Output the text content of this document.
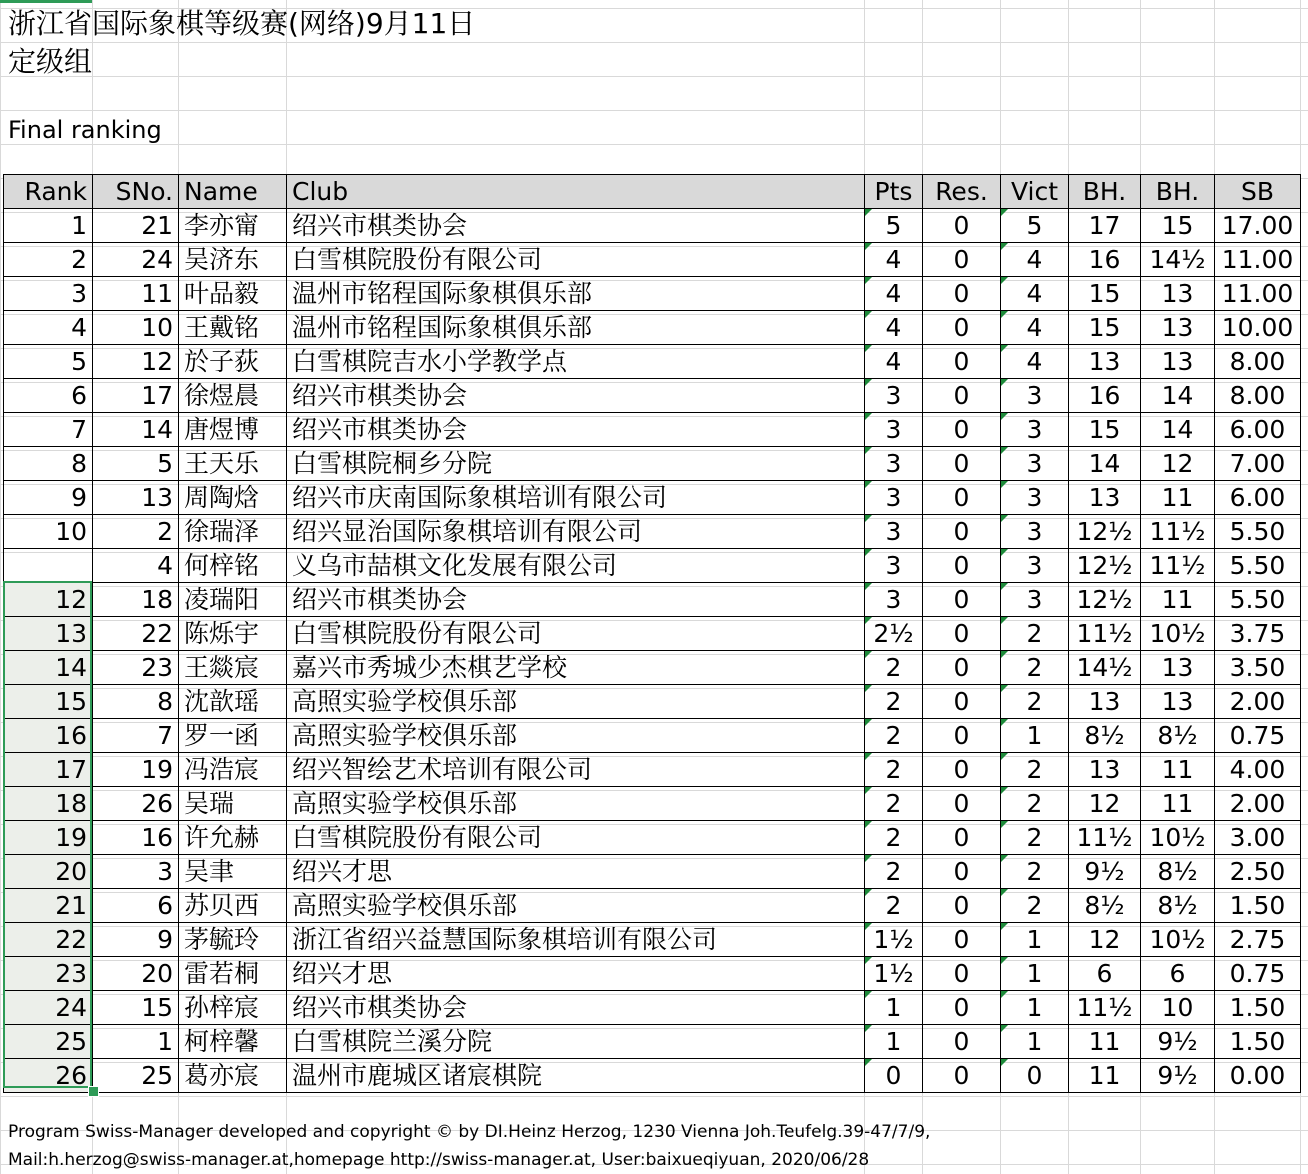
浙江省国际象棋等级赛(网络)9月11日
定级组
Final ranking
Rank	SNo.	Name	Club	Pts	Res.	Vict	BH.	BH.	SB
1	21	李亦甯	绍兴市棋类协会	5	0	5	17	15	17.00
2	24	吴济东	白雪棋院股份有限公司	4	0	4	16	14½	11.00
3	11	叶品毅	温州市铭程国际象棋俱乐部	4	0	4	15	13	11.00
4	10	王戴铭	温州市铭程国际象棋俱乐部	4	0	4	15	13	10.00
5	12	於子荻	白雪棋院吉水小学教学点	4	0	4	13	13	8.00
6	17	徐煜晨	绍兴市棋类协会	3	0	3	16	14	8.00
7	14	唐煜博	绍兴市棋类协会	3	0	3	15	14	6.00
8	5	王天乐	白雪棋院桐乡分院	3	0	3	14	12	7.00
9	13	周陶焓	绍兴市庆南国际象棋培训有限公司	3	0	3	13	11	6.00
10	2	徐瑞泽	绍兴显治国际象棋培训有限公司	3	0	3	12½	11½	5.50
	4	何梓铭	义乌市喆棋文化发展有限公司	3	0	3	12½	11½	5.50
12	18	凌瑞阳	绍兴市棋类协会	3	0	3	12½	11	5.50
13	22	陈烁宇	白雪棋院股份有限公司	2½	0	2	11½	10½	3.75
14	23	王燚宸	嘉兴市秀城少杰棋艺学校	2	0	2	14½	13	3.50
15	8	沈歆瑶	高照实验学校俱乐部	2	0	2	13	13	2.00
16	7	罗一函	高照实验学校俱乐部	2	0	1	8½	8½	0.75
17	19	冯浩宸	绍兴智绘艺术培训有限公司	2	0	2	13	11	4.00
18	26	吴瑞	高照实验学校俱乐部	2	0	2	12	11	2.00
19	16	许允赫	白雪棋院股份有限公司	2	0	2	11½	10½	3.00
20	3	吴聿	绍兴才思	2	0	2	9½	8½	2.50
21	6	苏贝西	高照实验学校俱乐部	2	0	2	8½	8½	1.50
22	9	茅毓玲	浙江省绍兴益慧国际象棋培训有限公司	1½	0	1	12	10½	2.75
23	20	雷若桐	绍兴才思	1½	0	1	6	6	0.75
24	15	孙梓宸	绍兴市棋类协会	1	0	1	11½	10	1.50
25	1	柯梓馨	白雪棋院兰溪分院	1	0	1	11	9½	1.50
26	25	葛亦宸	温州市鹿城区诸宸棋院	0	0	0	11	9½	0.00
Program Swiss-Manager developed and copyright © by DI.Heinz Herzog, 1230 Vienna Joh.Teufelg.39-47/7/9,
Mail:h.herzog@swiss-manager.at,homepage http://swiss-manager.at, User:baixueqiyuan, 2020/06/28
